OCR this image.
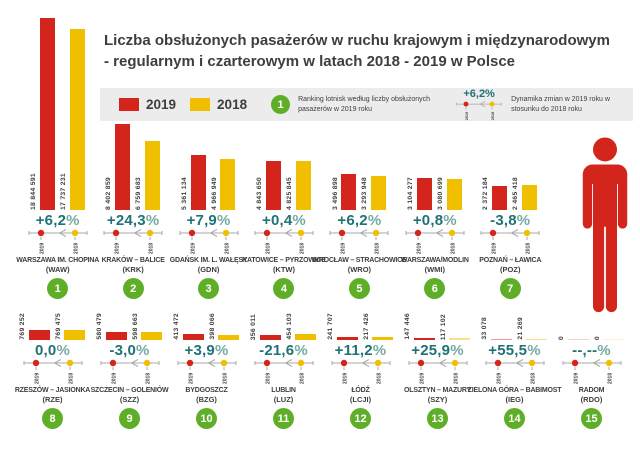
Liczba obsłużonych pasażerów w ruchu krajowym i międzynarodowym
- regularnym i czarterowym w latach 2018 - 2019 w Polsce
2019	2018	1	Ranking lotnisk według liczby obsłużonych pasażerów w 2019 roku
+6,2%
2019	2018
Dynamika zmian w 2019 roku w stosunku do 2018 roku
18 844 591	17 737 231
+6,2%
2019	2018
WARSZAWA IM. CHOPINA
(WAW)
1
8 402 859	6 759 683
+24,3%
2019	2018
KRAKÓW – BALICE
(KRK)
2
5 361 134	4 966 949
+7,9%
2019	2018
GDAŃSK IM. L. WAŁĘSY
(GDN)
3
4 843 650	4 825 845
+0,4%
2019	2018
KATOWICE – PYRZOWICE
(KTW)
4
3 496 898	3 293 948
+6,2%
2019	2018
WROCŁAW – STRACHOWICE
(WRO)
5
3 104 277	3 080 699
+0,8%
2019	2018
WARSZAWA/MODLIN
(WMI)
6
2 372 184	2 465 418
-3,8%
2019	2018
POZNAŃ – ŁAWICA
(POZ)
7
769 252	769 475
0,0%
2019	2018
RZESZÓW – JASIONKA
(RZE)
8
580 479	598 663
-3,0%
2019	2018
SZCZECIN – GOLENIÓW
(SZZ)
9
413 472	398 066
+3,9%
2019	2018
BYDGOSZCZ
(BZG)
10
356 011	454 103
-21,6%
2019	2018
LUBLIN
(LUZ)
11
241 707	217 426
+11,2%
2019	2018
ŁÓDŹ
(LCJI)
12
147 446	117 102
+25,9%
2019	2018
OLSZTYN – MAZURY
(SZY)
13
33 078	21 269
+55,5%
2019	2018
ZIELONA GÓRA – BABIMOST
(IEG)
14
0	0
--,--%
2019	2018
RADOM
(RDO)
15
